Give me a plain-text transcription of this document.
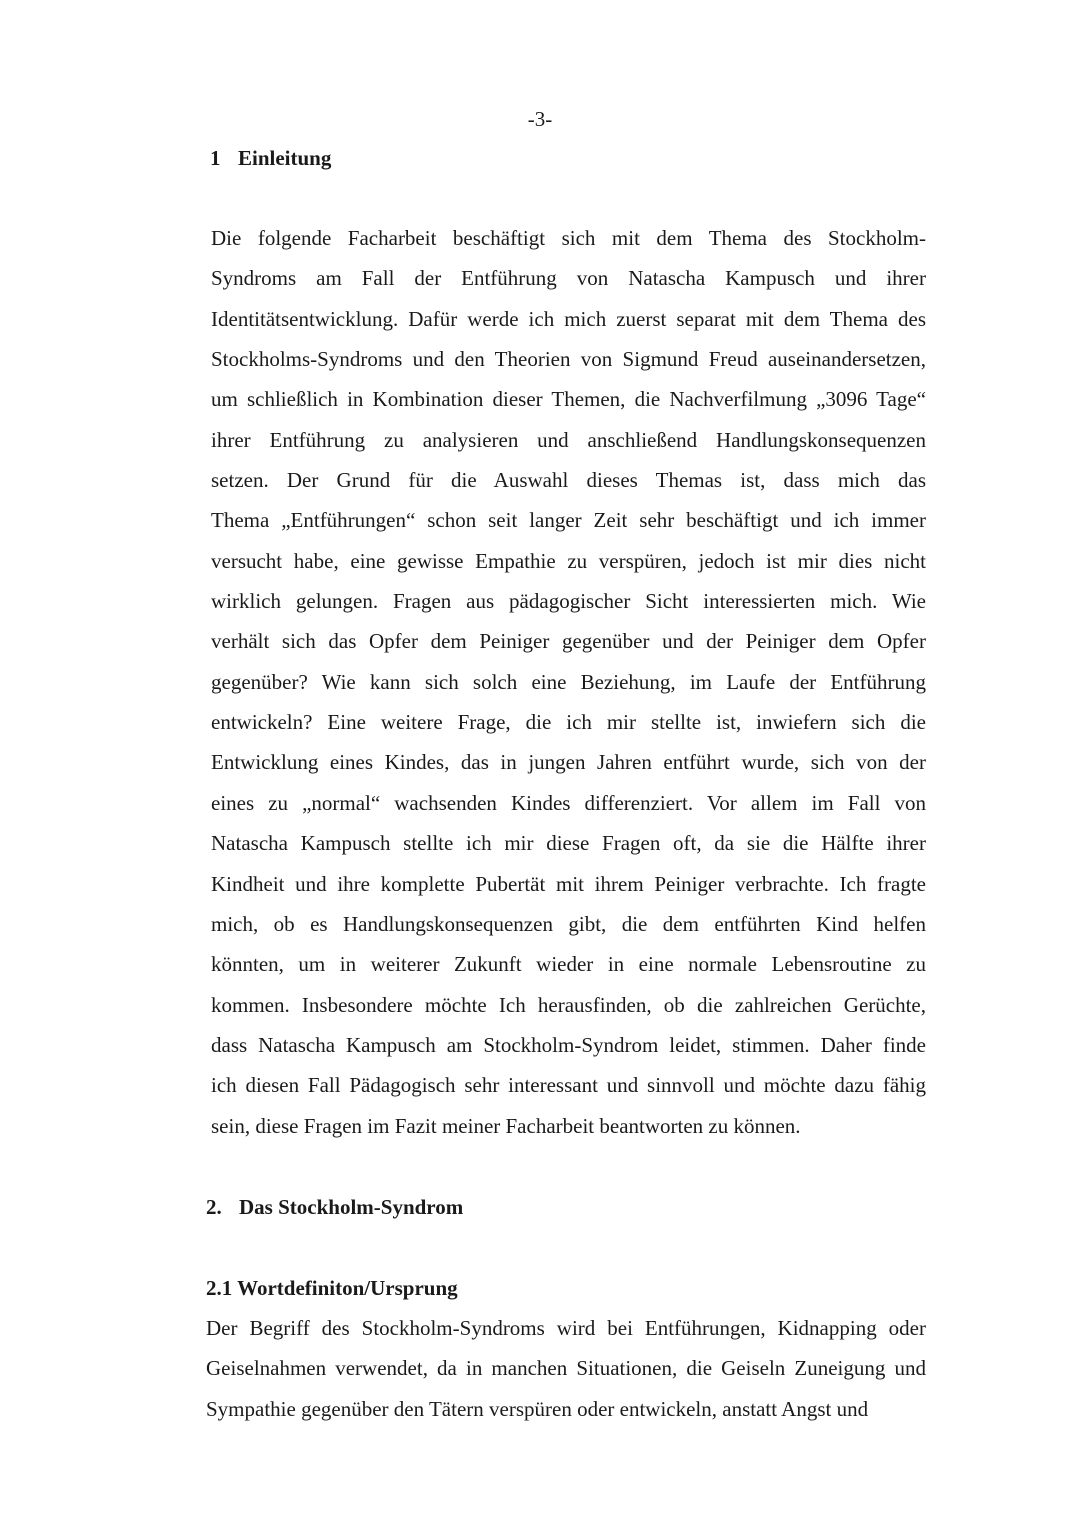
-3-
1 Einleitung
Die folgende Facharbeit beschäftigt sich mit dem Thema des Stockholm-
Syndroms am Fall der Entführung von Natascha Kampusch und ihrer
Identitätsentwicklung. Dafür werde ich mich zuerst separat mit dem Thema des
Stockholms-Syndroms und den Theorien von Sigmund Freud auseinandersetzen,
um schließlich in Kombination dieser Themen, die Nachverfilmung „3096 Tage“
ihrer Entführung zu analysieren und anschließend Handlungskonsequenzen
setzen. Der Grund für die Auswahl dieses Themas ist, dass mich das
Thema „Entführungen“ schon seit langer Zeit sehr beschäftigt und ich immer
versucht habe, eine gewisse Empathie zu verspüren, jedoch ist mir dies nicht
wirklich gelungen. Fragen aus pädagogischer Sicht interessierten mich. Wie
verhält sich das Opfer dem Peiniger gegenüber und der Peiniger dem Opfer
gegenüber? Wie kann sich solch eine Beziehung, im Laufe der Entführung
entwickeln? Eine weitere Frage, die ich mir stellte ist, inwiefern sich die
Entwicklung eines Kindes, das in jungen Jahren entführt wurde, sich von der
eines zu „normal“ wachsenden Kindes differenziert. Vor allem im Fall von
Natascha Kampusch stellte ich mir diese Fragen oft, da sie die Hälfte ihrer
Kindheit und ihre komplette Pubertät mit ihrem Peiniger verbrachte. Ich fragte
mich, ob es Handlungskonsequenzen gibt, die dem entführten Kind helfen
könnten, um in weiterer Zukunft wieder in eine normale Lebensroutine zu
kommen. Insbesondere möchte Ich herausfinden, ob die zahlreichen Gerüchte,
dass Natascha Kampusch am Stockholm-Syndrom leidet, stimmen. Daher finde
ich diesen Fall Pädagogisch sehr interessant und sinnvoll und möchte dazu fähig
sein, diese Fragen im Fazit meiner Facharbeit beantworten zu können.
2. Das Stockholm-Syndrom
2.1 Wortdefiniton/Ursprung
Der Begriff des Stockholm-Syndroms wird bei Entführungen, Kidnapping oder
Geiselnahmen verwendet, da in manchen Situationen, die Geiseln Zuneigung und
Sympathie gegenüber den Tätern verspüren oder entwickeln, anstatt Angst und
